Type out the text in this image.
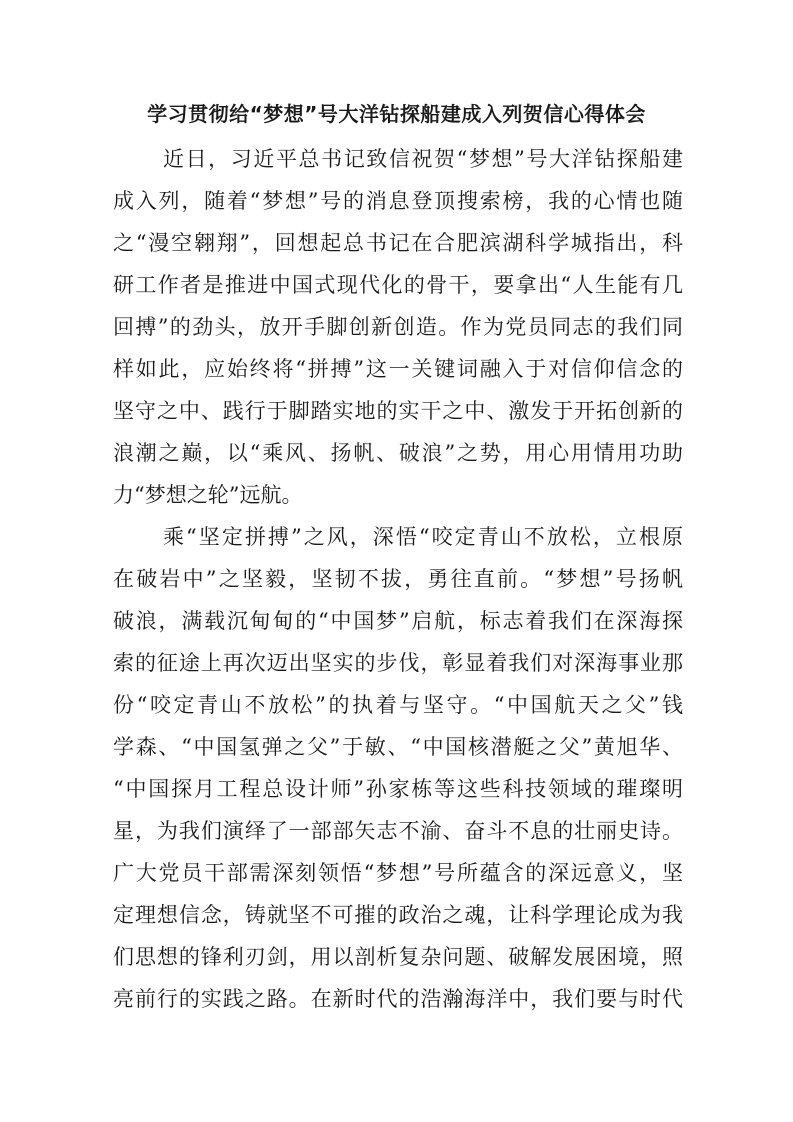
学习贯彻给“梦想”号大洋钻探船建成入列贺信心得体会
近日，习近平总书记致信祝贺“梦想”号大洋钻探船建
成入列，随着“梦想”号的消息登顶搜索榜，我的心情也随
之“漫空翱翔”，回想起总书记在合肥滨湖科学城指出，科
研工作者是推进中国式现代化的骨干，要拿出“人生能有几
回搏”的劲头，放开手脚创新创造。作为党员同志的我们同
样如此，应始终将“拼搏”这一关键词融入于对信仰信念的
坚守之中、践行于脚踏实地的实干之中、激发于开拓创新的
浪潮之巅，以“乘风、扬帆、破浪”之势，用心用情用功助
力“梦想之轮”远航。
乘“坚定拼搏”之风，深悟“咬定青山不放松，立根原
在破岩中”之坚毅，坚韧不拔，勇往直前。“梦想”号扬帆
破浪，满载沉甸甸的“中国梦”启航，标志着我们在深海探
索的征途上再次迈出坚实的步伐，彰显着我们对深海事业那
份“咬定青山不放松”的执着与坚守。“中国航天之父”钱
学森、“中国氢弹之父”于敏、“中国核潜艇之父”黄旭华、
“中国探月工程总设计师”孙家栋等这些科技领域的璀璨明
星，为我们演绎了一部部矢志不渝、奋斗不息的壮丽史诗。
广大党员干部需深刻领悟“梦想”号所蕴含的深远意义，坚
定理想信念，铸就坚不可摧的政治之魂，让科学理论成为我
们思想的锋利刃剑，用以剖析复杂问题、破解发展困境，照
亮前行的实践之路。在新时代的浩瀚海洋中，我们要与时代
